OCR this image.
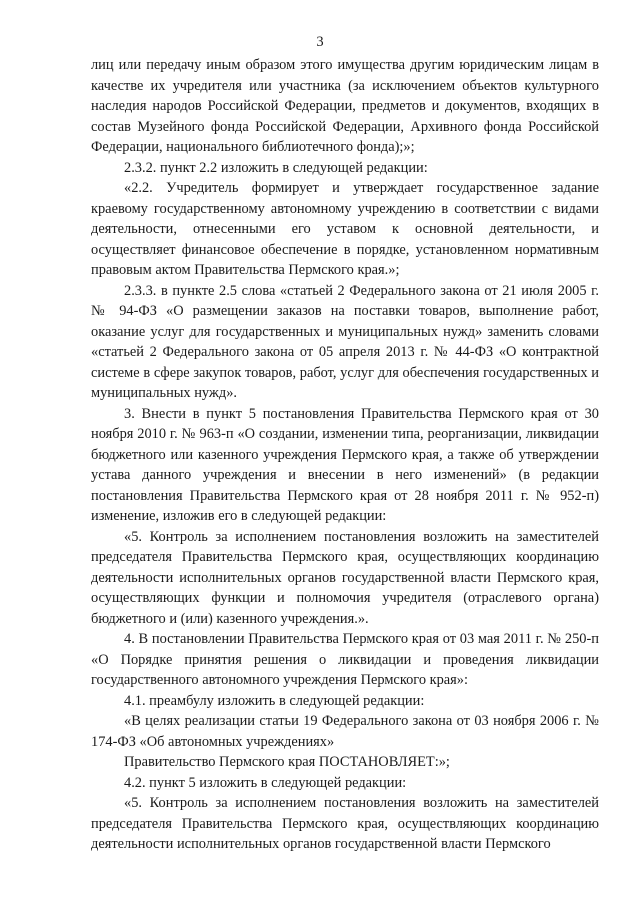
3

лиц или передачу иным образом этого имущества другим юридическим лицам в качестве их учредителя или участника (за исключением объектов культурного наследия народов Российской Федерации, предметов и документов, входящих в состав Музейного фонда Российской Федерации, Архивного фонда Российской Федерации, национального библиотечного фонда);»;

2.3.2. пункт 2.2 изложить в следующей редакции:

«2.2. Учредитель формирует и утверждает государственное задание краевому государственному автономному учреждению в соответствии с видами деятельности, отнесенными его уставом к основной деятельности, и осуществляет финансовое обеспечение в порядке, установленном нормативным правовым актом Правительства Пермского края.»;

2.3.3. в пункте 2.5 слова «статьей 2 Федерального закона от 21 июля 2005 г. № 94-ФЗ «О размещении заказов на поставки товаров, выполнение работ, оказание услуг для государственных и муниципальных нужд» заменить словами «статьей 2 Федерального закона от 05 апреля 2013 г. № 44-ФЗ «О контрактной системе в сфере закупок товаров, работ, услуг для обеспечения государственных и муниципальных нужд».

3. Внести в пункт 5 постановления Правительства Пермского края от 30 ноября 2010 г. № 963-п «О создании, изменении типа, реорганизации, ликвидации бюджетного или казенного учреждения Пермского края, а также об утверждении устава данного учреждения и внесении в него изменений» (в редакции постановления Правительства Пермского края от 28 ноября 2011 г. № 952-п) изменение, изложив его в следующей редакции:

«5. Контроль за исполнением постановления возложить на заместителей председателя Правительства Пермского края, осуществляющих координацию деятельности исполнительных органов государственной власти Пермского края, осуществляющих функции и полномочия учредителя (отраслевого органа) бюджетного и (или) казенного учреждения.».

4. В постановлении Правительства Пермского края от 03 мая 2011 г. № 250-п «О Порядке принятия решения о ликвидации и проведения ликвидации государственного автономного учреждения Пермского края»:

4.1. преамбулу изложить в следующей редакции:

«В целях реализации статьи 19 Федерального закона от 03 ноября 2006 г. № 174-ФЗ «Об автономных учреждениях»

Правительство Пермского края ПОСТАНОВЛЯЕТ:»;

4.2. пункт 5 изложить в следующей редакции:

«5. Контроль за исполнением постановления возложить на заместителей председателя Правительства Пермского края, осуществляющих координацию деятельности исполнительных органов государственной власти Пермского
